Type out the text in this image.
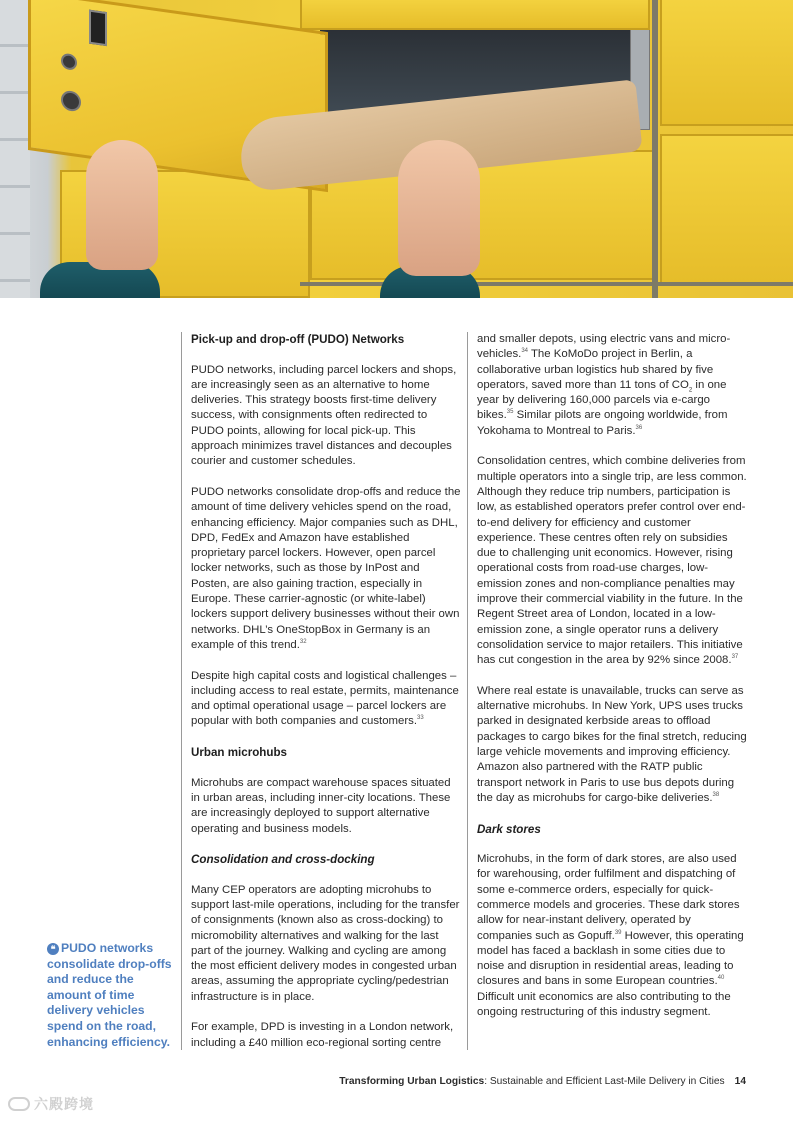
Pick-up and drop-off (PUDO) Networks

PUDO networks, including parcel lockers and shops, are increasingly seen as an alternative to home deliveries. This strategy boosts first-time delivery success, with consignments often redirected to PUDO points, allowing for local pick-up. This approach minimizes travel distances and decouples courier and customer schedules.

PUDO networks consolidate drop-offs and reduce the amount of time delivery vehicles spend on the road, enhancing efficiency. Major companies such as DHL, DPD, FedEx and Amazon have established proprietary parcel lockers. However, open parcel locker networks, such as those by InPost and Posten, are also gaining traction, especially in Europe. These carrier-agnostic (or white-label) lockers support delivery businesses without their own networks. DHL’s OneStopBox in Germany is an example of this trend.$^{32}$

Despite high capital costs and logistical challenges – including access to real estate, permits, maintenance and optimal operational usage – parcel lockers are popular with both companies and customers.$^{33}$

Urban microhubs

Microhubs are compact warehouse spaces situated in urban areas, including inner-city locations. These are increasingly deployed to support alternative operating and business models.

Consolidation and cross-docking

Many CEP operators are adopting microhubs to support last-mile operations, including for the transfer of consignments (known also as cross-docking) to micromobility alternatives and walking for the last part of the journey. Walking and cycling are among the most efficient delivery modes in congested urban areas, assuming the appropriate cycling/pedestrian infrastructure is in place.

For example, DPD is investing in a London network, including a £40 million eco-regional sorting centre

and smaller depots, using electric vans and micro-vehicles.$^{34}$ The KoMoDo project in Berlin, a collaborative urban logistics hub shared by five operators, saved more than 11 tons of $CO_2$ in one year by delivering 160,000 parcels via e-cargo bikes.$^{35}$ Similar pilots are ongoing worldwide, from Yokohama to Montreal to Paris.$^{36}$

Consolidation centres, which combine deliveries from multiple operators into a single trip, are less common. Although they reduce trip numbers, participation is low, as established operators prefer control over end-to-end delivery for efficiency and customer experience. These centres often rely on subsidies due to challenging unit economics. However, rising operational costs from road-use charges, low-emission zones and non-compliance penalties may improve their commercial viability in the future. In the Regent Street area of London, located in a low-emission zone, a single operator runs a delivery consolidation service to major retailers. This initiative has cut congestion in the area by 92% since 2008.37

Where real estate is unavailable, trucks can serve as alternative microhubs. In New York, UPS uses trucks parked in designated kerbside areas to offload packages to cargo bikes for the final stretch, reducing large vehicle movements and improving efficiency. Amazon also partnered with the RATP public transport network in Paris to use bus depots during the day as microhubs for cargo-bike deliveries.$^{38}$

Dark stores

Microhubs, in the form of dark stores, are also used for warehousing, order fulfilment and dispatching of some e-commerce orders, especially for quick-commerce models and groceries. These dark stores allow for near-instant delivery, operated by companies such as Gopuff.$^{39}$ However, this operating model has faced a backlash in some cities due to noise and disruption in residential areas, leading to closures and bans in some European countries.$^{40}$ Difficult unit economics are also contributing to the ongoing restructuring of this industry segment.

❝ PUDO networks consolidate drop-offs and reduce the amount of time delivery vehicles spend on the road, enhancing efficiency.
Transforming Urban Logistics: Sustainable and Efficient Last-Mile Delivery in Cities 14
六殿跨境
